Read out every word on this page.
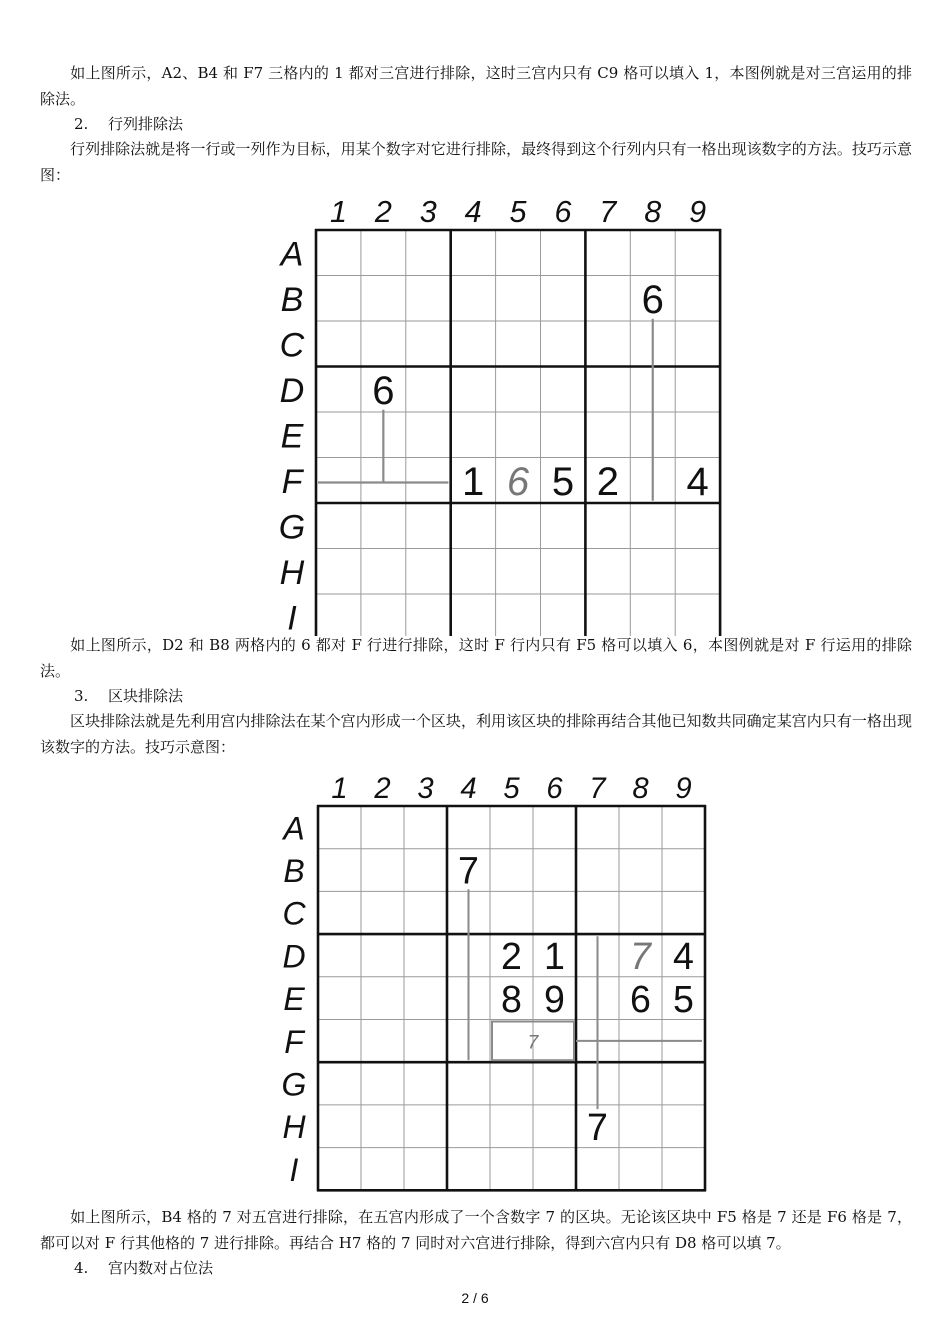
如上图所示，A2、B4 和 F7 三格内的 1 都对三宫进行排除，这时三宫内只有 C9 格可以填入 1，本图例就是对三宫运用的排除法。

2. 行列排除法

行列排除法就是将一行或一列作为目标，用某个数字对它进行排除，最终得到这个行列内只有一格出现该数字的方法。技巧示意图：

1 2 3 4 5 6 7 8 9
A
B
C
D
E
F
G
H
I
6
6
1 6 5 2 4

如上图所示，D2 和 B8 两格内的 6 都对 F 行进行排除，这时 F 行内只有 F5 格可以填入 6，本图例就是对 F 行运用的排除法。

3. 区块排除法

区块排除法就是先利用宫内排除法在某个宫内形成一个区块，利用该区块的排除再结合其他已知数共同确定某宫内只有一格出现该数字的方法。技巧示意图：

1 2 3 4 5 6 7 8 9
A
B
C
D
E
F
G
H
I
7
7
2 1 7 4
8 9 6 5
7

如上图所示，B4 格的 7 对五宫进行排除，在五宫内形成了一个含数字 7 的区块。无论该区块中 F5 格是 7 还是 F6 格是 7，都可以对 F 行其他格的 7 进行排除。再结合 H7 格的 7 同时对六宫进行排除，得到六宫内只有 D8 格可以填 7。

4. 宫内数对占位法
2 / 6
